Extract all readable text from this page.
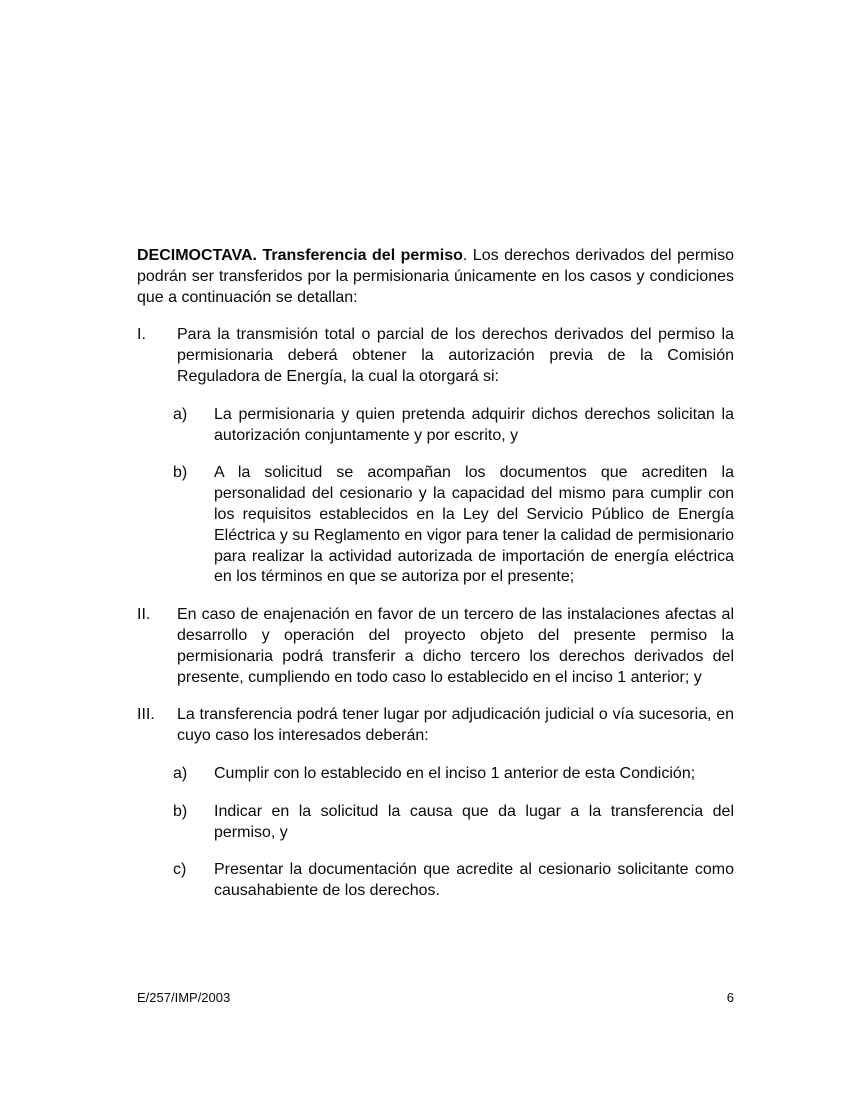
DECIMOCTAVA. Transferencia del permiso. Los derechos derivados del permiso podrán ser transferidos por la permisionaria únicamente en los casos y condiciones que a continuación se detallan:

I. Para la transmisión total o parcial de los derechos derivados del permiso la permisionaria deberá obtener la autorización previa de la Comisión Reguladora de Energía, la cual la otorgará si:

a) La permisionaria y quien pretenda adquirir dichos derechos solicitan la autorización conjuntamente y por escrito, y

b) A la solicitud se acompañan los documentos que acrediten la personalidad del cesionario y la capacidad del mismo para cumplir con los requisitos establecidos en la Ley del Servicio Público de Energía Eléctrica y su Reglamento en vigor para tener la calidad de permisionario para realizar la actividad autorizada de importación de energía eléctrica en los términos en que se autoriza por el presente;

II. En caso de enajenación en favor de un tercero de las instalaciones afectas al desarrollo y operación del proyecto objeto del presente permiso la permisionaria podrá transferir a dicho tercero los derechos derivados del presente, cumpliendo en todo caso lo establecido en el inciso 1 anterior; y

III. La transferencia podrá tener lugar por adjudicación judicial o vía sucesoria, en cuyo caso los interesados deberán:

a) Cumplir con lo establecido en el inciso 1 anterior de esta Condición;

b) Indicar en la solicitud la causa que da lugar a la transferencia del permiso, y

c) Presentar la documentación que acredite al cesionario solicitante como causahabiente de los derechos.

E/257/IMP/2003	6
